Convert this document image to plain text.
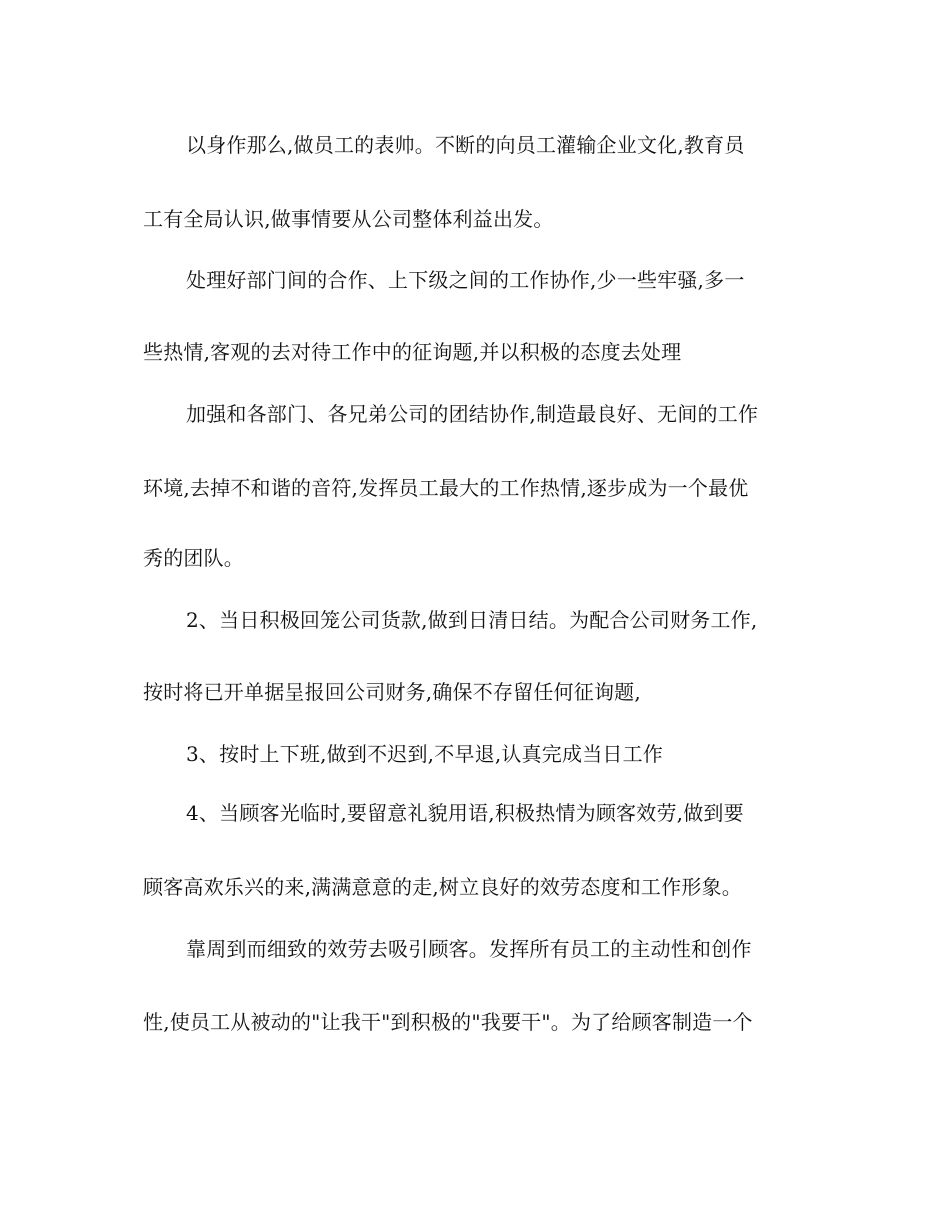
以身作那么,做员工的表帅。不断的向员工灌输企业文化,教育员
工有全局认识,做事情要从公司整体利益出发。
处理好部门间的合作、上下级之间的工作协作,少一些牢骚,多一
些热情,客观的去对待工作中的征询题,并以积极的态度去处理
加强和各部门、各兄弟公司的团结协作,制造最良好、无间的工作
环境,去掉不和谐的音符,发挥员工最大的工作热情,逐步成为一个最优
秀的团队。
2、当日积极回笼公司货款,做到日清日结。为配合公司财务工作,
按时将已开单据呈报回公司财务,确保不存留任何征询题,
3、按时上下班,做到不迟到,不早退,认真完成当日工作
4、当顾客光临时,要留意礼貌用语,积极热情为顾客效劳,做到要
顾客高欢乐兴的来,满满意意的走,树立良好的效劳态度和工作形象。
靠周到而细致的效劳去吸引顾客。发挥所有员工的主动性和创作
性,使员工从被动的"让我干"到积极的"我要干"。为了给顾客制造一个
